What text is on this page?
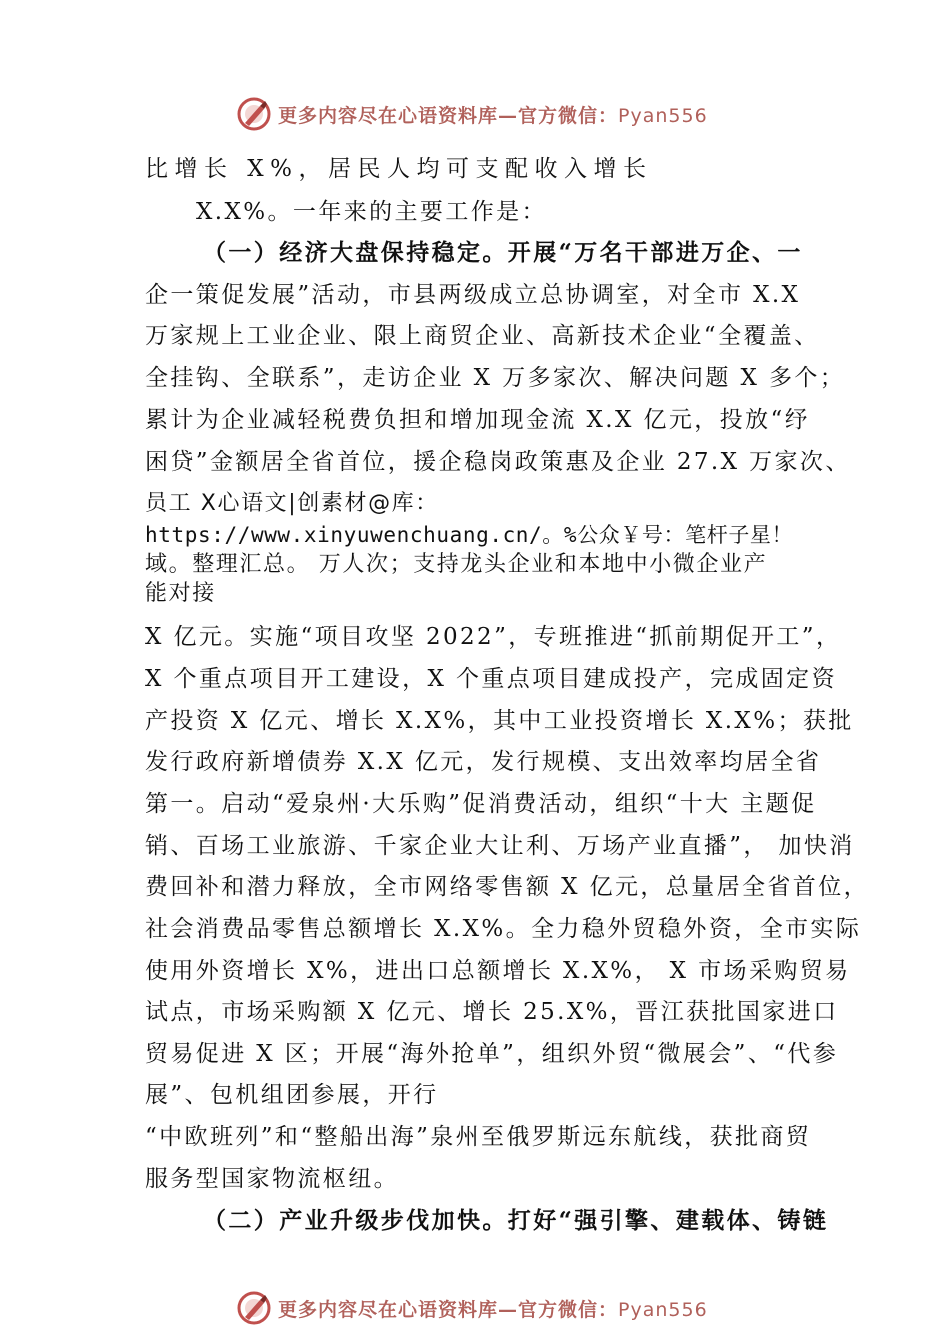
更多内容尽在心语资料库—官方微信：Pyan556
比增长 X%，居民人均可支配收入增长
X.X%。一年来的主要工作是：
（一）经济大盘保持稳定。开展“万名干部进万企、一
企一策促发展”活动，市县两级成立总协调室，对全市 X.X
万家规上工业企业、限上商贸企业、高新技术企业“全覆盖、
全挂钩、全联系”，走访企业 X 万多家次、解决问题 X 多个；
累计为企业减轻税费负担和增加现金流 X.X 亿元，投放“纾
困贷”金额居全省首位，援企稳岗政策惠及企业 27.X 万家次、
员工 X心语文|创素材@库：
https://www.xinyuwenchuang.cn/。%公众￥号：笔杆子星！
域。整理汇总。 万人次；支持龙头企业和本地中小微企业产
能对接
X 亿元。实施“项目攻坚 2022”，专班推进“抓前期促开工”，
X 个重点项目开工建设，X 个重点项目建成投产，完成固定资
产投资 X 亿元、增长 X.X%，其中工业投资增长 X.X%；获批
发行政府新增债券 X.X 亿元，发行规模、支出效率均居全省
第一。启动“爱泉州·大乐购”促消费活动，组织“十大 主题促
销、百场工业旅游、千家企业大让利、万场产业直播”， 加快消
费回补和潜力释放，全市网络零售额 X 亿元，总量居全省首位，
社会消费品零售总额增长 X.X%。全力稳外贸稳外资，全市实际
使用外资增长 X%，进出口总额增长 X.X%， X 市场采购贸易
试点，市场采购额 X 亿元、增长 25.X%，晋江获批国家进口
贸易促进 X 区；开展“海外抢单”，组织外贸“微展会”、“代参
展”、包机组团参展，开行
“中欧班列”和“整船出海”泉州至俄罗斯远东航线，获批商贸
服务型国家物流枢纽。
（二）产业升级步伐加快。打好“强引擎、建载体、铸链
更多内容尽在心语资料库—官方微信：Pyan556
